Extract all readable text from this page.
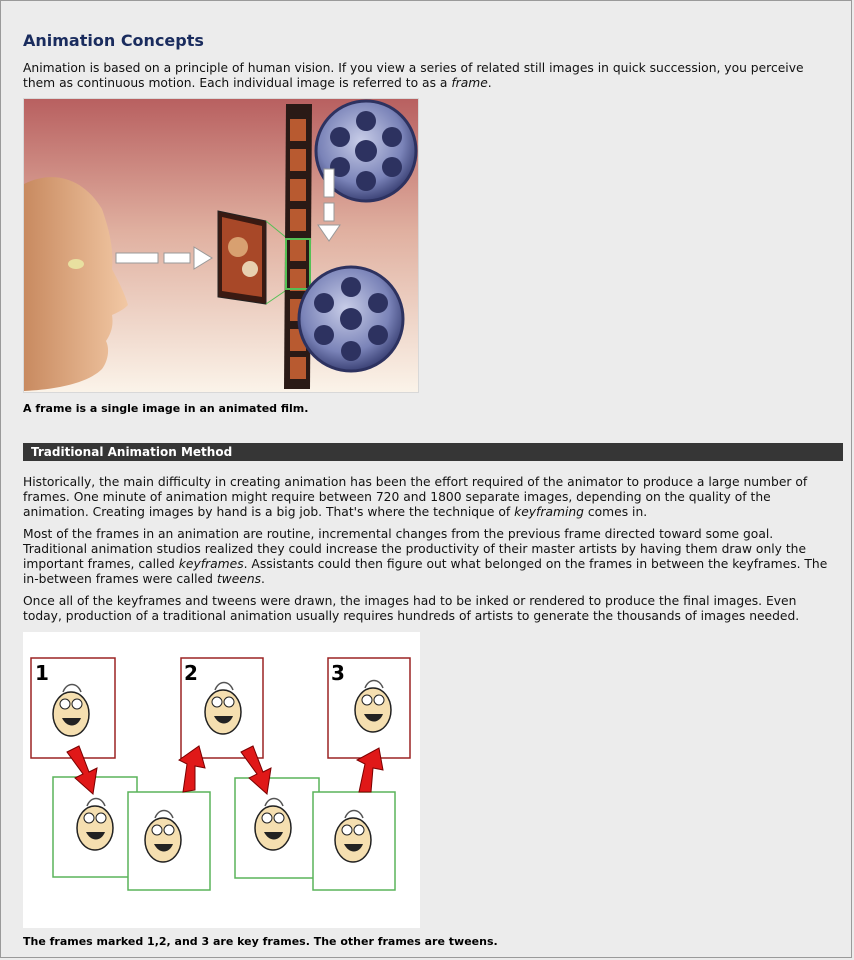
Animation Concepts

Animation is based on a principle of human vision. If you view a series of related still images in quick succession, you perceive them as continuous motion. Each individual image is referred to as a frame.

A frame is a single image in an animated film.
Traditional Animation Method

Historically, the main difficulty in creating animation has been the effort required of the animator to produce a large number of frames. One minute of animation might require between 720 and 1800 separate images, depending on the quality of the animation. Creating images by hand is a big job. That's where the technique of keyframing comes in.

Most of the frames in an animation are routine, incremental changes from the previous frame directed toward some goal. Traditional animation studios realized they could increase the productivity of their master artists by having them draw only the important frames, called keyframes. Assistants could then figure out what belonged on the frames in between the keyframes. The in-between frames were called tweens.

Once all of the keyframes and tweens were drawn, the images had to be inked or rendered to produce the final images. Even today, production of a traditional animation usually requires hundreds of artists to generate the thousands of images needed.

1	2	3
The frames marked 1,2, and 3 are key frames. The other frames are tweens.
